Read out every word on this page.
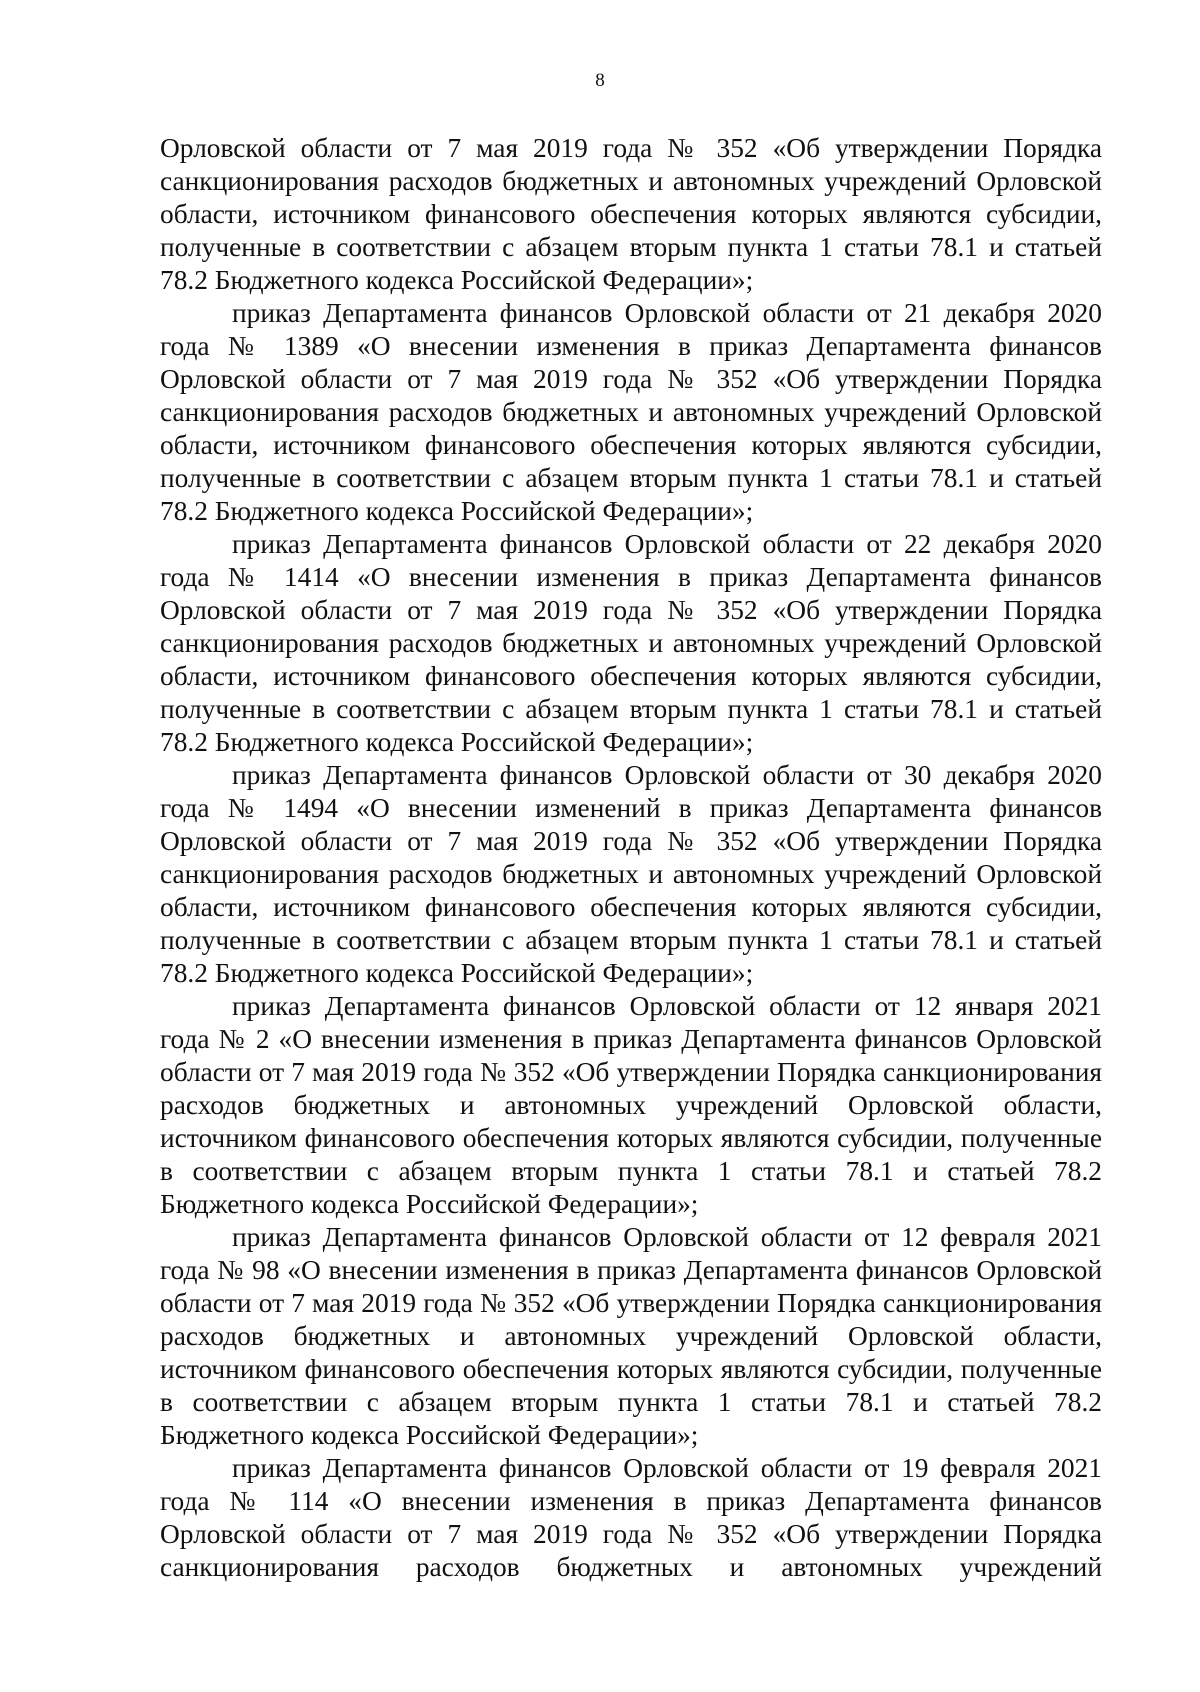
8

Орловской области от 7 мая 2019 года № 352 «Об утверждении Порядка санкционирования расходов бюджетных и автономных учреждений Орловской области, источником финансового обеспечения которых являются субсидии, полученные в соответствии с абзацем вторым пункта 1 статьи 78.1 и статьей 78.2 Бюджетного кодекса Российской Федерации»;

приказ Департамента финансов Орловской области от 21 декабря 2020 года № 1389 «О внесении изменения в приказ Департамента финансов Орловской области от 7 мая 2019 года № 352 «Об утверждении Порядка санкционирования расходов бюджетных и автономных учреждений Орловской области, источником финансового обеспечения которых являются субсидии, полученные в соответствии с абзацем вторым пункта 1 статьи 78.1 и статьей 78.2 Бюджетного кодекса Российской Федерации»;

приказ Департамента финансов Орловской области от 22 декабря 2020 года № 1414 «О внесении изменения в приказ Департамента финансов Орловской области от 7 мая 2019 года № 352 «Об утверждении Порядка санкционирования расходов бюджетных и автономных учреждений Орловской области, источником финансового обеспечения которых являются субсидии, полученные в соответствии с абзацем вторым пункта 1 статьи 78.1 и статьей 78.2 Бюджетного кодекса Российской Федерации»;

приказ Департамента финансов Орловской области от 30 декабря 2020 года № 1494 «О внесении изменений в приказ Департамента финансов Орловской области от 7 мая 2019 года № 352 «Об утверждении Порядка санкционирования расходов бюджетных и автономных учреждений Орловской области, источником финансового обеспечения которых являются субсидии, полученные в соответствии с абзацем вторым пункта 1 статьи 78.1 и статьей 78.2 Бюджетного кодекса Российской Федерации»;

приказ Департамента финансов Орловской области от 12 января 2021 года № 2 «О внесении изменения в приказ Департамента финансов Орловской области от 7 мая 2019 года № 352 «Об утверждении Порядка санкционирования расходов бюджетных и автономных учреждений Орловской области, источником финансового обеспечения которых являются субсидии, полученные в соответствии с абзацем вторым пункта 1 статьи 78.1 и статьей 78.2 Бюджетного кодекса Российской Федерации»;

приказ Департамента финансов Орловской области от 12 февраля 2021 года № 98 «О внесении изменения в приказ Департамента финансов Орловской области от 7 мая 2019 года № 352 «Об утверждении Порядка санкционирования расходов бюджетных и автономных учреждений Орловской области, источником финансового обеспечения которых являются субсидии, полученные в соответствии с абзацем вторым пункта 1 статьи 78.1 и статьей 78.2 Бюджетного кодекса Российской Федерации»;

приказ Департамента финансов Орловской области от 19 февраля 2021 года № 114 «О внесении изменения в приказ Департамента финансов Орловской области от 7 мая 2019 года № 352 «Об утверждении Порядка санкционирования расходов бюджетных и автономных учреждений
